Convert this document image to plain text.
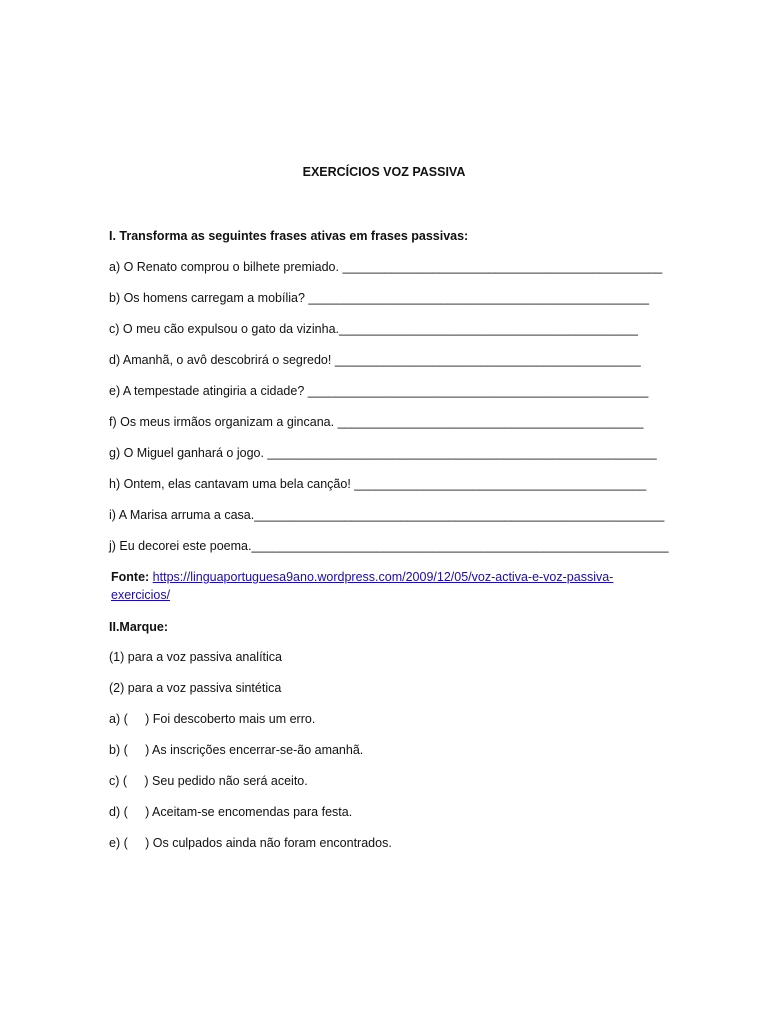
EXERCÍCIOS VOZ PASSIVA

I. Transforma as seguintes frases ativas em frases passivas:

a) O Renato comprou o bilhete premiado. ______________________________________________

b) Os homens carregam a mobília? _________________________________________________

c) O meu cão expulsou o gato da vizinha.___________________________________________

d) Amanhã, o avô descobrirá o segredo! ____________________________________________

e) A tempestade atingiria a cidade? _________________________________________________

f) Os meus irmãos organizam a gincana. ____________________________________________

g) O Miguel ganhará o jogo. ________________________________________________________

h) Ontem, elas cantavam uma bela canção! __________________________________________

i) A Marisa arruma a casa.___________________________________________________________

j) Eu decorei este poema.____________________________________________________________

Fonte: https://linguaportuguesa9ano.wordpress.com/2009/12/05/voz-activa-e-voz-passiva-exercicios/

II.Marque:

(1) para a voz passiva analítica

(2) para a voz passiva sintética

a) (     ) Foi descoberto mais um erro.

b) (     ) As inscrições encerrar-se-ão amanhã.

c) (     ) Seu pedido não será aceito.

d) (     ) Aceitam-se encomendas para festa.

e) (     ) Os culpados ainda não foram encontrados.
